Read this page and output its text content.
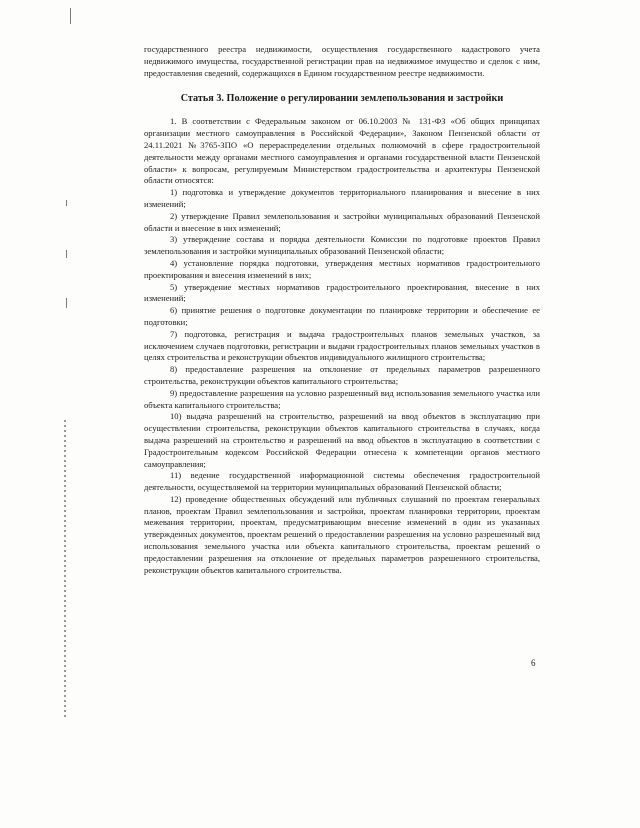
государственного реестра недвижимости, осуществления государственного кадастрового учета недвижимого имущества, государственной регистрации прав на недвижимое имущество и сделок с ним, предоставления сведений, содержащихся в Едином государственном реестре недвижимости.

Статья 3. Положение о регулировании землепользования и застройки

1. В соответствии с Федеральным законом от 06.10.2003 № 131-ФЗ «Об общих принципах организации местного самоуправления в Российской Федерации», Законом Пензенской области от 24.11.2021 №3765-ЗПО «О перераспределении отдельных полномочий в сфере градостроительной деятельности между органами местного самоуправления и органами государственной власти Пензенской области» к вопросам, регулируемым Министерством градостроительства и архитектуры Пензенской области относятся:

1) подготовка и утверждение документов территориального планирования и внесение в них изменений;

2) утверждение Правил землепользования и застройки муниципальных образований Пензенской области и внесение в них изменений;

3) утверждение состава и порядка деятельности Комиссии по подготовке проектов Правил землепользования и застройки муниципальных образований Пензенской области;

4) установление порядка подготовки, утверждения местных нормативов градостроительного проектирования и внесения изменений в них;

5) утверждение местных нормативов градостроительного проектирования, внесение в них изменений;

6) принятие решения о подготовке документации по планировке территории и обеспечение ее подготовки;

7) подготовка, регистрация и выдача градостроительных планов земельных участков, за исключением случаев подготовки, регистрации и выдачи градостроительных планов земельных участков в целях строительства и реконструкции объектов индивидуального жилищного строительства;

8) предоставление разрешения на отклонение от предельных параметров разрешенного строительства, реконструкции объектов капитального строительства;

9) предоставление разрешения на условно разрешенный вид использования земельного участка или объекта капитального строительства;

10) выдача разрешений на строительство, разрешений на ввод объектов в эксплуатацию при осуществлении строительства, реконструкции объектов капитального строительства в случаях, когда выдача разрешений на строительство и разрешений на ввод объектов в эксплуатацию в соответствии с Градостроительным кодексом Российской Федерации отнесена к компетенции органов местного самоуправления;

11) ведение государственной информационной системы обеспечения градостроительной деятельности, осуществляемой на территории муниципальных образований Пензенской области;

12) проведение общественных обсуждений или публичных слушаний по проектам генеральных планов, проектам Правил землепользования и застройки, проектам планировки территории, проектам межевания территории, проектам, предусматривающим внесение изменений в один из указанных утвержденных документов, проектам решений о предоставлении разрешения на условно разрешенный вид использования земельного участка или объекта капитального строительства, проектам решений о предоставлении разрешения на отклонение от предельных параметров разрешенного строительства, реконструкции объектов капитального строительства.

6
